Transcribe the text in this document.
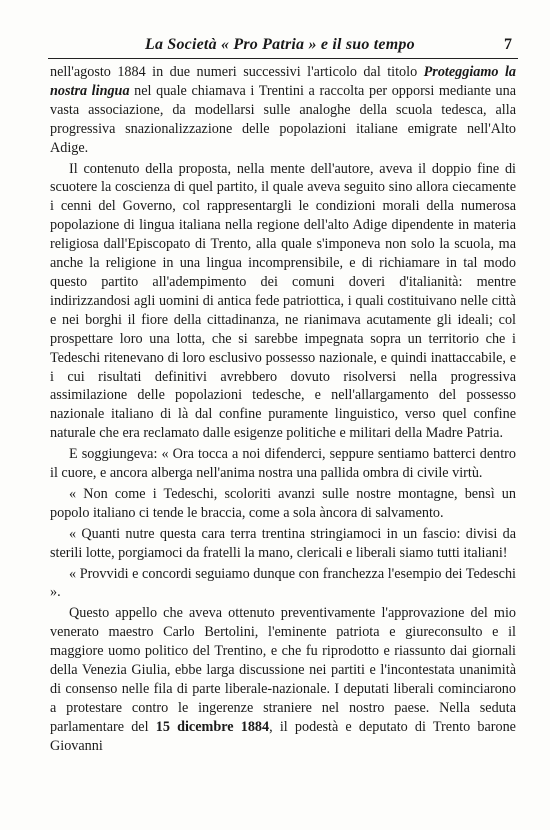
La Società « Pro Patria » e il suo tempo	7

nell'agosto 1884 in due numeri successivi l'articolo dal titolo Proteggiamo la nostra lingua nel quale chiamava i Trentini a raccolta per opporsi mediante una vasta associazione, da modellarsi sulle analoghe della scuola tedesca, alla progressiva snazionalizzazione delle popolazioni italiane emigrate nell'Alto Adige.

Il contenuto della proposta, nella mente dell'autore, aveva il doppio fine di scuotere la coscienza di quel partito, il quale aveva seguito sino allora ciecamente i cenni del Governo, col rappresentargli le condizioni morali della numerosa popolazione di lingua italiana nella regione dell'alto Adige dipendente in materia religiosa dall'Episcopato di Trento, alla quale s'imponeva non solo la scuola, ma anche la religione in una lingua incomprensibile, e di richiamare in tal modo questo partito all'adempimento dei comuni doveri d'italianità: mentre indirizzandosi agli uomini di antica fede patriottica, i quali costituivano nelle città e nei borghi il fiore della cittadinanza, ne rianimava acutamente gli ideali; col prospettare loro una lotta, che si sarebbe impegnata sopra un territorio che i Tedeschi ritenevano di loro esclusivo possesso nazionale, e quindi inattaccabile, e i cui risultati definitivi avrebbero dovuto risolversi nella progressiva assimilazione delle popolazioni tedesche, e nell'allargamento del possesso nazionale italiano di là dal confine puramente linguistico, verso quel confine naturale che era reclamato dalle esigenze politiche e militari della Madre Patria.

E soggiungeva: « Ora tocca a noi difenderci, seppure sentiamo batterci dentro il cuore, e ancora alberga nell'anima nostra una pallida ombra di civile virtù.

« Non come i Tedeschi, scoloriti avanzi sulle nostre montagne, bensì un popolo italiano ci tende le braccia, come a sola àncora di salvamento.

« Quanti nutre questa cara terra trentina stringiamoci in un fascio: divisi da sterili lotte, porgiamoci da fratelli la mano, clericali e liberali siamo tutti italiani!

« Provvidi e concordi seguiamo dunque con franchezza l'esempio dei Tedeschi ».

Questo appello che aveva ottenuto preventivamente l'approvazione del mio venerato maestro Carlo Bertolini, l'eminente patriota e giureconsulto e il maggiore uomo politico del Trentino, e che fu riprodotto e riassunto dai giornali della Venezia Giulia, ebbe larga discussione nei partiti e l'incontestata unanimità di consenso nelle fila di parte liberale-nazionale. I deputati liberali cominciarono a protestare contro le ingerenze straniere nel nostro paese. Nella seduta parlamentare del 15 dicembre 1884, il podestà e deputato di Trento barone Giovanni
